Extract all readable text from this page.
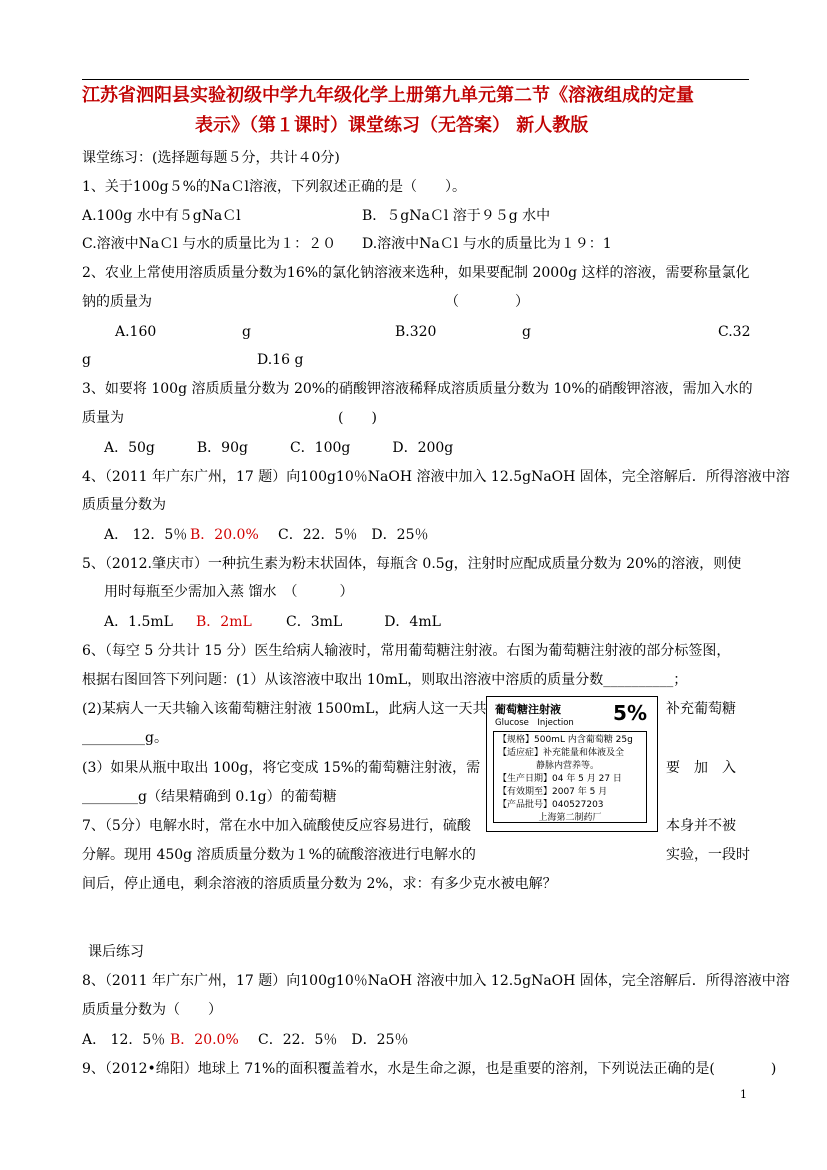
江苏省泗阳县实验初级中学九年级化学上册第九单元第二节《溶液组成的定量
表示》（第１课时）课堂练习（无答案） 新人教版
课堂练习：(选择题每题５分，共计４0分)
1、关于100g５%的NaＣl溶液，下列叙述正确的是（　　）。
A.100g 水中有５gNaＣl	B．５gNaＣl 溶于９５g 水中
C.溶液中NaＣl 与水的质量比为１：２０ D.溶液中NaＣl 与水的质量比为１９：1
2、农业上常使用溶质质量分数为16%的氯化钠溶液来选种，如果要配制 2000g 这样的溶液，需要称量氯化
钠的质量为	（　　　　）
A.160	g	B.320	g	C.32
g	D.16 g
3、如要将 100g 溶质质量分数为 20%的硝酸钾溶液稀释成溶质质量分数为 10%的硝酸钾溶液，需加入水的
质量为	(　　)
A．50g　　　B．90g　　　C．100g　　　D．200g
4、（2011 年广东广州，17 题）向100g10％NaOH 溶液中加入 12.5gNaOH 固体，完全溶解后．所得溶液中溶
质质量分数为
A． 12．5％ B．20.0% C．22．5％　D．25％
5、（2012.肇庆市）一种抗生素为粉末状固体，每瓶含 0.5g，注射时应配成质量分数为 20%的溶液，则使
用时每瓶至少需加入蒸 馏水　（　　　）
A．1.5mL B．2mL C．3mL　　　D．4mL
6、（每空 5 分共计 15 分）医生给病人输液时，常用葡萄糖注射液。右图为葡萄糖注射液的部分标签图，
根据右图回答下列问题：(1）从该溶液中取出 10mL，则取出溶液中溶质的质量分数__________；
(2)某病人一天共输入该葡萄糖注射液 1500mL，此病人这一天共	补充葡萄糖
_________g。
(3）如果从瓶中取出 100g，将它变成 15%的葡萄糖注射液，需	要　加　入
________g（结果精确到 0.1g）的葡萄糖
葡萄糖注射液
Glucose　Injection 5%
【规格】500mL 内含葡萄糖 25g
【适应症】补充能量和体液及全
静脉内营养等。
【生产日期】04 年 5 月 27 日
【有效期至】2007 年 5 月
【产品批号】040527203
上海第二制药厂
7、（5分）电解水时，常在水中加入硫酸使反应容易进行，硫酸	本身并不被
分解。现用 450g 溶质质量分数为１%的硫酸溶液进行电解水的	实验，一段时
间后，停止通电，剩余溶液的溶质质量分数为 2%，求：有多少克水被电解？
课后练习
8、（2011 年广东广州，17 题）向100g10％NaOH 溶液中加入 12.5gNaOH 固体，完全溶解后．所得溶液中溶
质质量分数为（　　）
A． 12．5％ B．20.0% C．22．5％　D．25％
9、（2012•绵阳）地球上 71%的面积覆盖着水，水是生命之源，也是重要的溶剂，下列说法正确的是(　　　　)
1
